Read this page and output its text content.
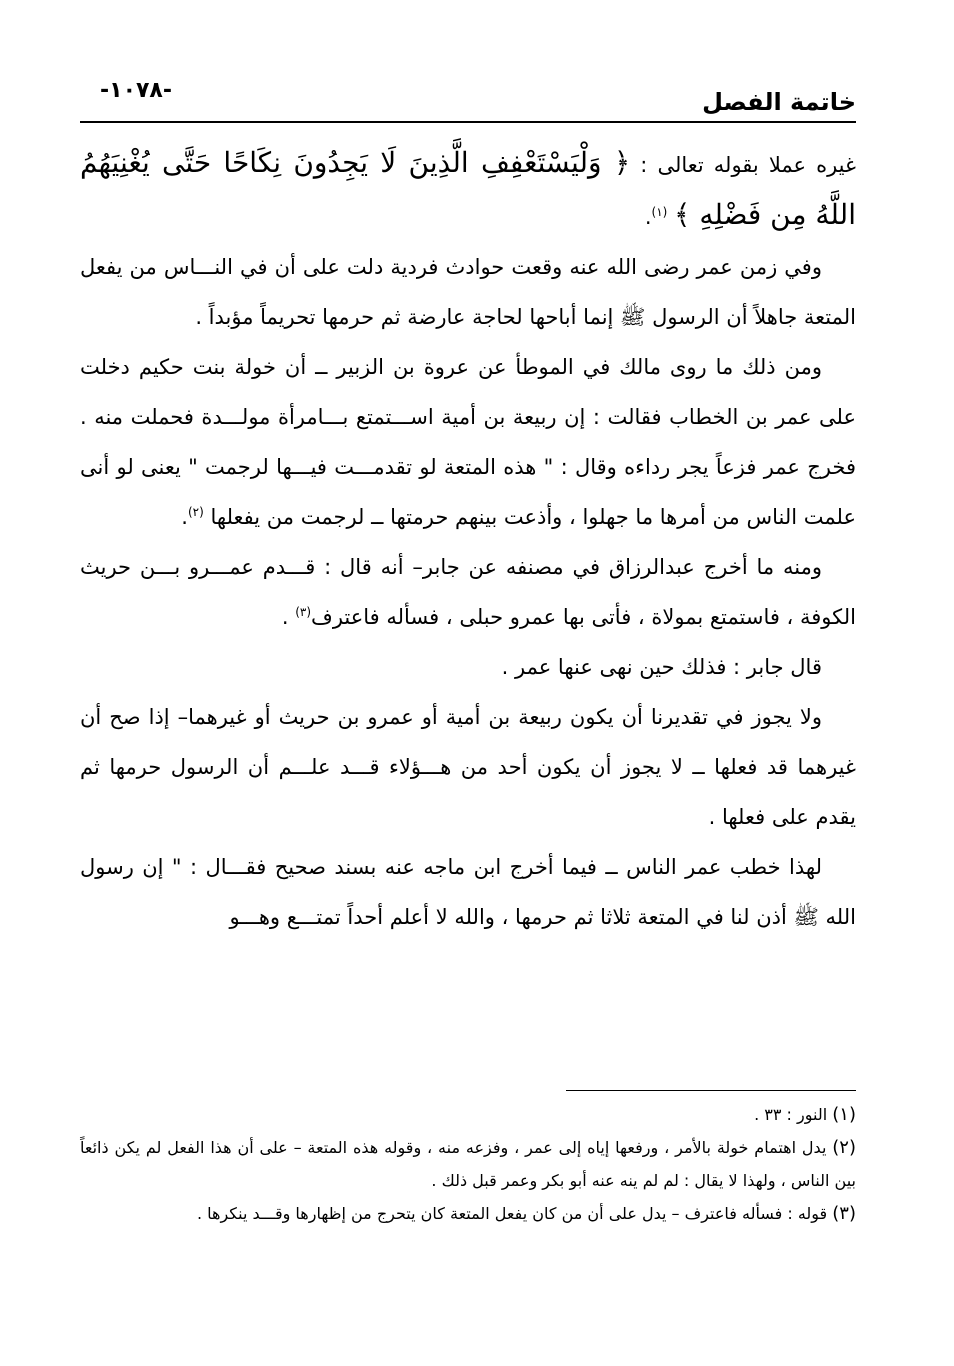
خاتمة الفصل
-١٠٧٨-

غيره عملا بقوله تعالى : ﴿ وَلْيَسْتَعْفِفِ الَّذِينَ لَا يَجِدُونَ نِكَاحًا حَتَّى يُغْنِيَهُمُ اللَّهُ مِن فَضْلِهِ ﴾ $^{(١)}$.

وفي زمن عمر رضى الله عنه وقعت حوادث فردية دلت على أن في النـــاس من يفعل المتعة جاهلاً أن الرسول ﷺ إنما أباحها لحاجة عارضة ثم حرمها تحريماً مؤبداً .

ومن ذلك ما روى مالك في الموطأ عن عروة بن الزبير ــ أن خولة بنت حكيم دخلت على عمر بن الخطاب فقالت : إن ربيعة بن أمية اســـتمتع بـــامرأة مولـــدة فحملت منه . فخرج عمر فزعاً يجر رداءه وقال : " هذه المتعة لو تقدمـــت فيـــها لرجمت " يعنى لو أنى علمت الناس من أمرها ما جهلوا ، وأذعت بينهم حرمتها ــ لرجمت من يفعلها $^{(٢)}$.

ومنه ما أخرج عبدالرزاق في مصنفه عن جابر– أنه قال : قـــدم عمـــرو بـــن حريث الكوفة ، فاستمتع بمولاة ، فأتى بها عمرو حبلى ، فسأله فاعترف$^{(٣)}$ .

قال جابر : فذلك حين نهى عنها عمر .

ولا يجوز في تقديرنا أن يكون ربيعة بن أمية أو عمرو بن حريث أو غيرهما– إذا صح أن غيرهما قد فعلها ــ لا يجوز أن يكون أحد من هـــؤلاء قـــد علـــم أن الرسول حرمها ثم يقدم على فعلها .

لهذا خطب عمر الناس ــ فيما أخرج ابن ماجه عنه بسند صحيح فقـــال : " إن رسول الله ﷺ أذن لنا في المتعة ثلاثا ثم حرمها ، والله لا أعلم أحداً تمتـــع وهـــو

(١) النور : ٣٣ .

(٢) يدل اهتمام خولة بالأمر ، ورفعها إياه إلى عمر ، وفزعه منه ، وقوله هذه المتعة – على أن هذا الفعل لم يكن ذائعاً بين الناس ، ولهذا لا يقال : لم لم ينه عنه أبو بكر وعمر قبل ذلك .

(٣) قوله : فسأله فاعترف – يدل على أن من كان يفعل المتعة كان يتحرج من إظهارها وقـــد ينكرها .
